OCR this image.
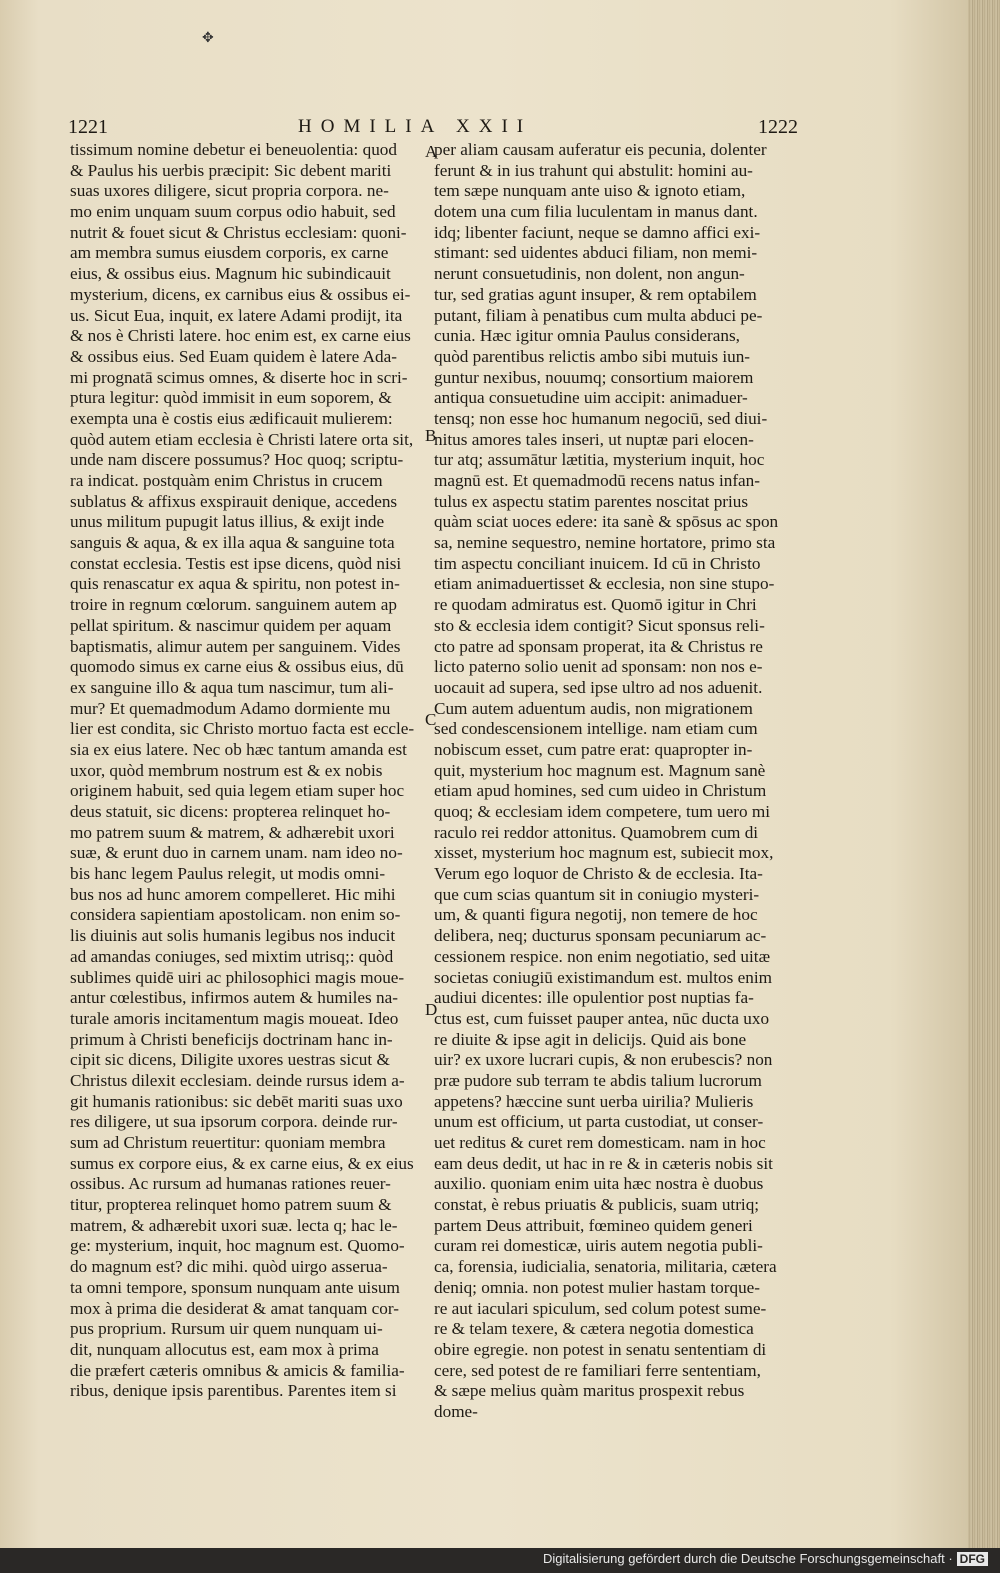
✥
1221	HOMILIA XXII	1222
tissimum nomine debetur ei beneuolentia: quod
& Paulus his uerbis præcipit: Sic debent mariti
suas uxores diligere, sicut propria corpora. ne-
mo enim unquam suum corpus odio habuit, sed
nutrit & fouet sicut & Christus ecclesiam: quoni-
am membra sumus eiusdem corporis, ex carne
eius, & ossibus eius. Magnum hic subindicauit
mysterium, dicens, ex carnibus eius & ossibus ei-
us. Sicut Eua, inquit, ex latere Adami prodijt, ita
& nos è Christi latere. hoc enim est, ex carne eius
& ossibus eius. Sed Euam quidem è latere Ada-
mi prognatā scimus omnes, & diserte hoc in scri-
ptura legitur: quòd immisit in eum soporem, &
exempta una è costis eius ædificauit mulierem:
quòd autem etiam ecclesia è Christi latere orta sit,
unde nam discere possumus? Hoc quoq; scriptu-
ra indicat. postquàm enim Christus in crucem
sublatus & affixus exspirauit denique, accedens
unus militum pupugit latus illius, & exijt inde
sanguis & aqua, & ex illa aqua & sanguine tota
constat ecclesia. Testis est ipse dicens, quòd nisi
quis renascatur ex aqua & spiritu, non potest in-
troire in regnum cœlorum. sanguinem autem ap
pellat spiritum. & nascimur quidem per aquam
baptismatis, alimur autem per sanguinem. Vides
quomodo simus ex carne eius & ossibus eius, dū
ex sanguine illo & aqua tum nascimur, tum ali-
mur? Et quemadmodum Adamo dormiente mu
lier est condita, sic Christo mortuo facta est eccle-
sia ex eius latere. Nec ob hæc tantum amanda est
uxor, quòd membrum nostrum est & ex nobis
originem habuit, sed quia legem etiam super hoc
deus statuit, sic dicens: propterea relinquet ho-
mo patrem suum & matrem, & adhærebit uxori
suæ, & erunt duo in carnem unam. nam ideo no-
bis hanc legem Paulus relegit, ut modis omni-
bus nos ad hunc amorem compelleret. Hic mihi
considera sapientiam apostolicam. non enim so-
lis diuinis aut solis humanis legibus nos inducit
ad amandas coniuges, sed mixtim utrisq;: quòd
sublimes quidē uiri ac philosophici magis moue-
antur cœlestibus, infirmos autem & humiles na-
turale amoris incitamentum magis moueat. Ideo
primum à Christi beneficijs doctrinam hanc in-
cipit sic dicens, Diligite uxores uestras sicut &
Christus dilexit ecclesiam. deinde rursus idem a-
git humanis rationibus: sic debēt mariti suas uxo
res diligere, ut sua ipsorum corpora. deinde rur-
sum ad Christum reuertitur: quoniam membra
sumus ex corpore eius, & ex carne eius, & ex eius
ossibus. Ac rursum ad humanas rationes reuer-
titur, propterea relinquet homo patrem suum &
matrem, & adhærebit uxori suæ. lecta q; hac le-
ge: mysterium, inquit, hoc magnum est. Quomo-
do magnum est? dic mihi. quòd uirgo asserua-
ta omni tempore, sponsum nunquam ante uisum
mox à prima die desiderat & amat tanquam cor-
pus proprium. Rursum uir quem nunquam ui-
dit, nunquam allocutus est, eam mox à prima
die præfert cæteris omnibus & amicis & familia-
ribus, denique ipsis parentibus. Parentes item si
per aliam causam auferatur eis pecunia, dolenter
ferunt & in ius trahunt qui abstulit: homini au-
tem sæpe nunquam ante uiso & ignoto etiam,
dotem una cum filia luculentam in manus dant.
idq; libenter faciunt, neque se damno affici exi-
stimant: sed uidentes abduci filiam, non memi-
nerunt consuetudinis, non dolent, non angun-
tur, sed gratias agunt insuper, & rem optabilem
putant, filiam à penatibus cum multa abduci pe-
cunia. Hæc igitur omnia Paulus considerans,
quòd parentibus relictis ambo sibi mutuis iun-
guntur nexibus, nouumq; consortium maiorem
antiqua consuetudine uim accipit: animaduer-
tensq; non esse hoc humanum negociū, sed diui-
nitus amores tales inseri, ut nuptæ pari elocen-
tur atq; assumātur lætitia, mysterium inquit, hoc
magnū est. Et quemadmodū recens natus infan-
tulus ex aspectu statim parentes noscitat prius
quàm sciat uoces edere: ita sanè & spōsus ac spon
sa, nemine sequestro, nemine hortatore, primo sta
tim aspectu conciliant inuicem. Id cū in Christo
etiam animaduertisset & ecclesia, non sine stupo-
re quodam admiratus est. Quomō igitur in Chri
sto & ecclesia idem contigit? Sicut sponsus reli-
cto patre ad sponsam properat, ita & Christus re
licto paterno solio uenit ad sponsam: non nos e-
uocauit ad supera, sed ipse ultro ad nos aduenit.
Cum autem aduentum audis, non migrationem
sed condescensionem intellige. nam etiam cum
nobiscum esset, cum patre erat: quapropter in-
quit, mysterium hoc magnum est. Magnum sanè
etiam apud homines, sed cum uideo in Christum
quoq; & ecclesiam idem competere, tum uero mi
raculo rei reddor attonitus. Quamobrem cum di
xisset, mysterium hoc magnum est, subiecit mox,
Verum ego loquor de Christo & de ecclesia. Ita-
que cum scias quantum sit in coniugio mysteri-
um, & quanti figura negotij, non temere de hoc
delibera, neq; ducturus sponsam pecuniarum ac-
cessionem respice. non enim negotiatio, sed uitæ
societas coniugiū existimandum est. multos enim
audiui dicentes: ille opulentior post nuptias fa-
ctus est, cum fuisset pauper antea, nūc ducta uxo
re diuite & ipse agit in delicijs. Quid ais bone
uir? ex uxore lucrari cupis, & non erubescis? non
præ pudore sub terram te abdis talium lucrorum
appetens? hæccine sunt uerba uirilia? Mulieris
unum est officium, ut parta custodiat, ut conser-
uet reditus & curet rem domesticam. nam in hoc
eam deus dedit, ut hac in re & in cæteris nobis sit
auxilio. quoniam enim uita hæc nostra è duobus
constat, è rebus priuatis & publicis, suam utriq;
partem Deus attribuit, fœmineo quidem generi
curam rei domesticæ, uiris autem negotia publi-
ca, forensia, iudicialia, senatoria, militaria, cætera
deniq; omnia. non potest mulier hastam torque-
re aut iaculari spiculum, sed colum potest sume-
re & telam texere, & cætera negotia domestica
obire egregie. non potest in senatu sententiam di
cere, sed potest de re familiari ferre sententiam,
& sæpe melius quàm maritus prospexit rebus
dome-
A
B
C
D
Digitalisierung gefördert durch die Deutsche Forschungsgemeinschaft · DFG
